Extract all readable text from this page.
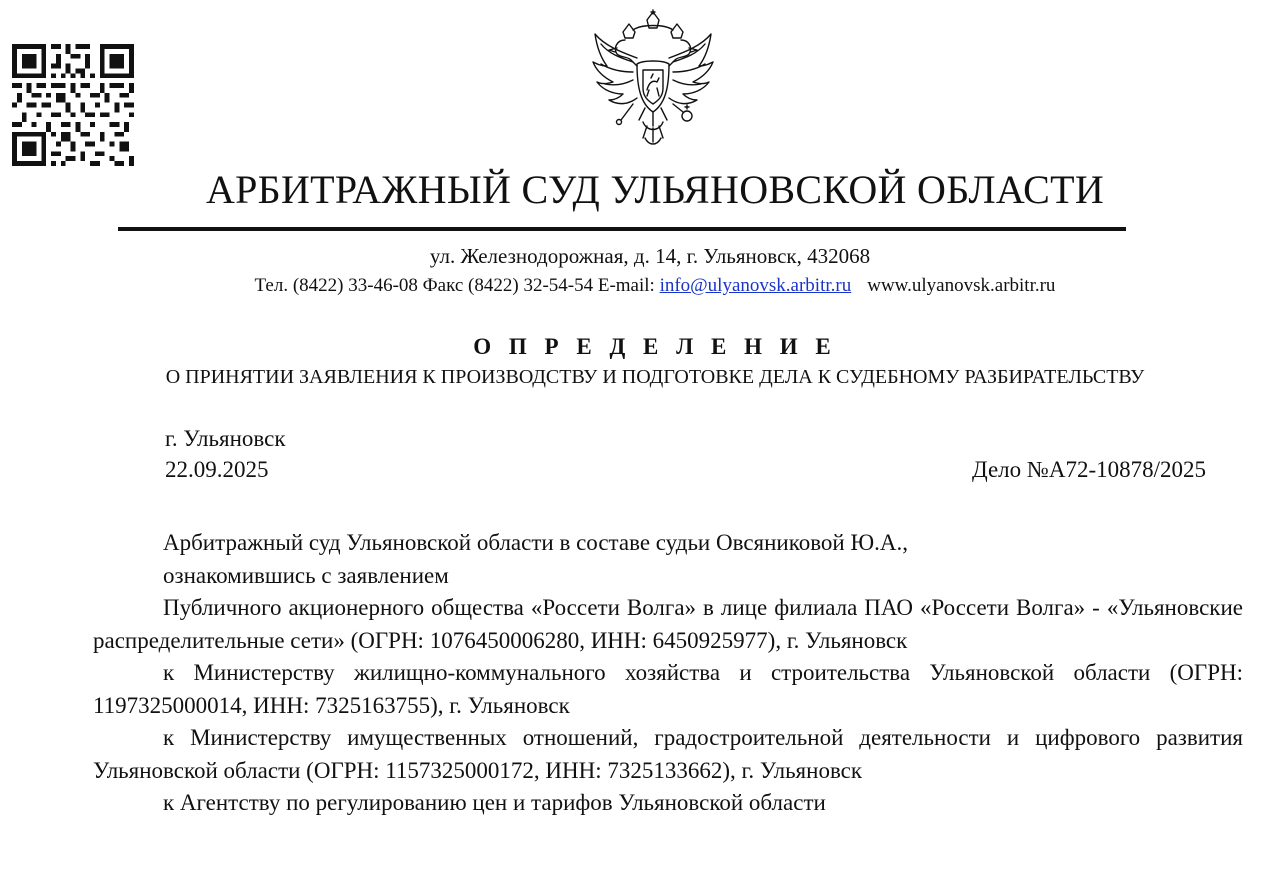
АРБИТРАЖНЫЙ СУД УЛЬЯНОВСКОЙ ОБЛАСТИ
ул. Железнодорожная, д. 14, г. Ульяновск, 432068
Тел. (8422) 33-46-08 Факс (8422) 32-54-54 E-mail: info@ulyanovsk.arbitr.ru www.ulyanovsk.arbitr.ru
О П Р Е Д Е Л Е Н И Е
О ПРИНЯТИИ ЗАЯВЛЕНИЯ К ПРОИЗВОДСТВУ И ПОДГОТОВКЕ ДЕЛА К СУДЕБНОМУ РАЗБИРАТЕЛЬСТВУ
г. Ульяновск
22.09.2025	Дело №А72-10878/2025

Арбитражный суд Ульяновской области в составе судьи Овсяниковой Ю.А.,

ознакомившись с заявлением

Публичного акционерного общества «Россети Волга» в лице филиала ПАО «Россети Волга» - «Ульяновские распределительные сети» (ОГРН: 1076450006280, ИНН: 6450925977), г. Ульяновск

к Министерству жилищно-коммунального хозяйства и строительства Ульяновской области (ОГРН: 1197325000014, ИНН: 7325163755), г. Ульяновск

к Министерству имущественных отношений, градостроительной деятельности и цифрового развития Ульяновской области (ОГРН: 1157325000172, ИНН: 7325133662), г. Ульяновск

к Агентству по регулированию цен и тарифов Ульяновской области
